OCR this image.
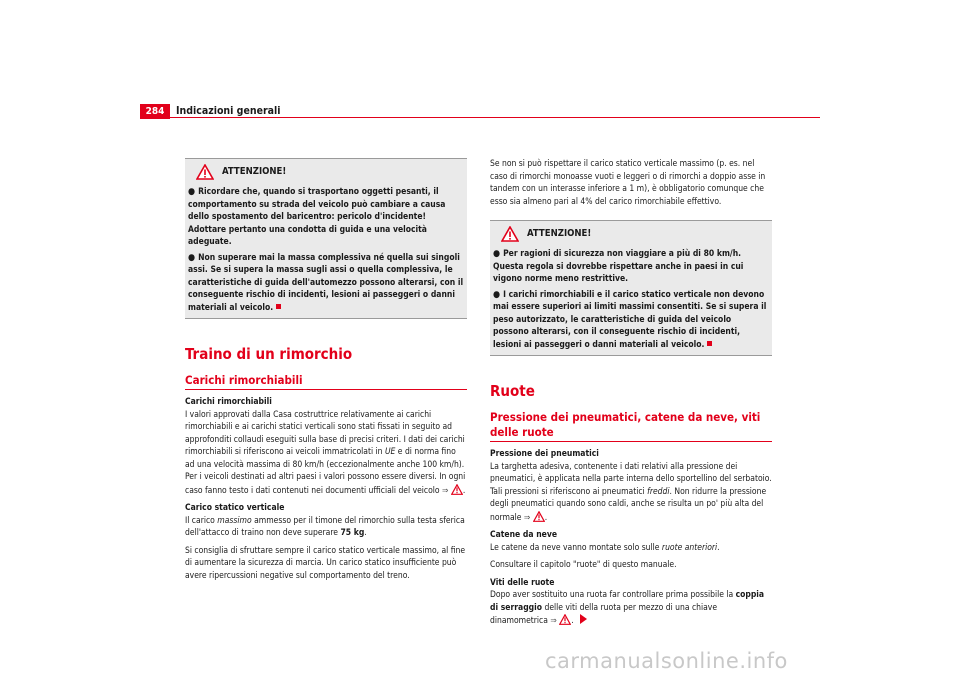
284	Indicazioni generali
ATTENZIONE!

● Ricordare che, quando si trasportano oggetti pesanti, il comportamento su strada del veicolo può cambiare a causa dello spostamento del baricentro: pericolo d'incidente! Adottare pertanto una condotta di guida e una velocità adeguate.

● Non superare mai la massa complessiva né quella sui singoli assi. Se si supera la massa sugli assi o quella complessiva, le caratteristiche di guida dell'automezzo possono alterarsi, con il conseguente rischio di incidenti, lesioni ai passeggeri o danni materiali al veicolo.

Traino di un rimorchio
Carichi rimorchiabili

Carichi rimorchiabili

I valori approvati dalla Casa costruttrice relativamente ai carichi rimorchiabili e ai carichi statici verticali sono stati fissati in seguito ad approfonditi collaudi eseguiti sulla base di precisi criteri. I dati dei carichi rimorchiabili si riferiscono ai veicoli immatricolati in UE e di norma fino ad una velocità massima di 80 km/h (eccezionalmente anche 100 km/h). Per i veicoli destinati ad altri paesi i valori possono essere diversi. In ogni caso fanno testo i dati contenuti nei documenti ufficiali del veicolo ⇒ .

Carico statico verticale

Il carico massimo ammesso per il timone del rimorchio sulla testa sferica dell'attacco di traino non deve superare 75 kg.

Si consiglia di sfruttare sempre il carico statico verticale massimo, al fine di aumentare la sicurezza di marcia. Un carico statico insufficiente può avere ripercussioni negative sul comportamento del treno.

Se non si può rispettare il carico statico verticale massimo (p. es. nel caso di rimorchi monoasse vuoti e leggeri o di rimorchi a doppio asse in tandem con un interasse inferiore a 1 m), è obbligatorio comunque che esso sia almeno pari al 4% del carico rimorchiabile effettivo.

ATTENZIONE!

● Per ragioni di sicurezza non viaggiare a più di 80 km/h. Questa regola si dovrebbe rispettare anche in paesi in cui vigono norme meno restrittive.

● I carichi rimorchiabili e il carico statico verticale non devono mai essere superiori ai limiti massimi consentiti. Se si supera il peso autorizzato, le caratteristiche di guida del veicolo possono alterarsi, con il conseguente rischio di incidenti, lesioni ai passeggeri o danni materiali al veicolo.

Ruote
Pressione dei pneumatici, catene da neve, viti delle ruote

Pressione dei pneumatici

La targhetta adesiva, contenente i dati relativi alla pressione dei pneumatici, è applicata nella parte interna dello sportellino del serbatoio. Tali pressioni si riferiscono ai pneumatici freddi. Non ridurre la pressione degli pneumatici quando sono caldi, anche se risulta un po' più alta del normale ⇒ .

Catene da neve

Le catene da neve vanno montate solo sulle ruote anteriori.

Consultare il capitolo "ruote" di questo manuale.

Viti delle ruote

Dopo aver sostituito una ruota far controllare prima possibile la coppia di serraggio delle viti della ruota per mezzo di una chiave dinamometrica ⇒ .

carmanualsonline.info
